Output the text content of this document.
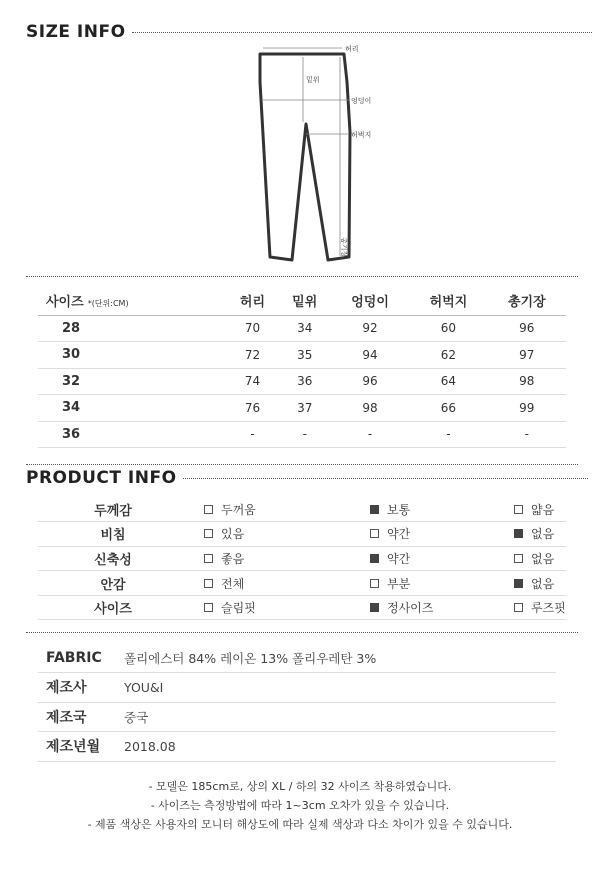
SIZE INFO
허리
밑위
엉덩이
허벅지
총기장
사이즈 *(단위:CM)	허리	밑위	엉덩이	허벅지	총기장
28	70	34	92	60	96
30	72	35	94	62	97
32	74	36	96	64	98
34	76	37	98	66	99
36	-	-	-	-	-
PRODUCT INFO
두께감	두꺼움	보통	얇음

비침	있음	약간	없음

신축성	좋음	약간	없음

안감	전체	부분	없음

사이즈	슬림핏	정사이즈	루즈핏
FABRIC	폴리에스터 84% 레이온 13% 폴리우레탄 3%
제조사	YOU&I
제조국	중국
제조년월	2018.08
- 모델은 185cm로, 상의 XL / 하의 32 사이즈 착용하였습니다.
- 사이즈는 측정방법에 따라 1~3cm 오차가 있을 수 있습니다.
- 제품 색상은 사용자의 모니터 해상도에 따라 실제 색상과 다소 차이가 있을 수 있습니다.
